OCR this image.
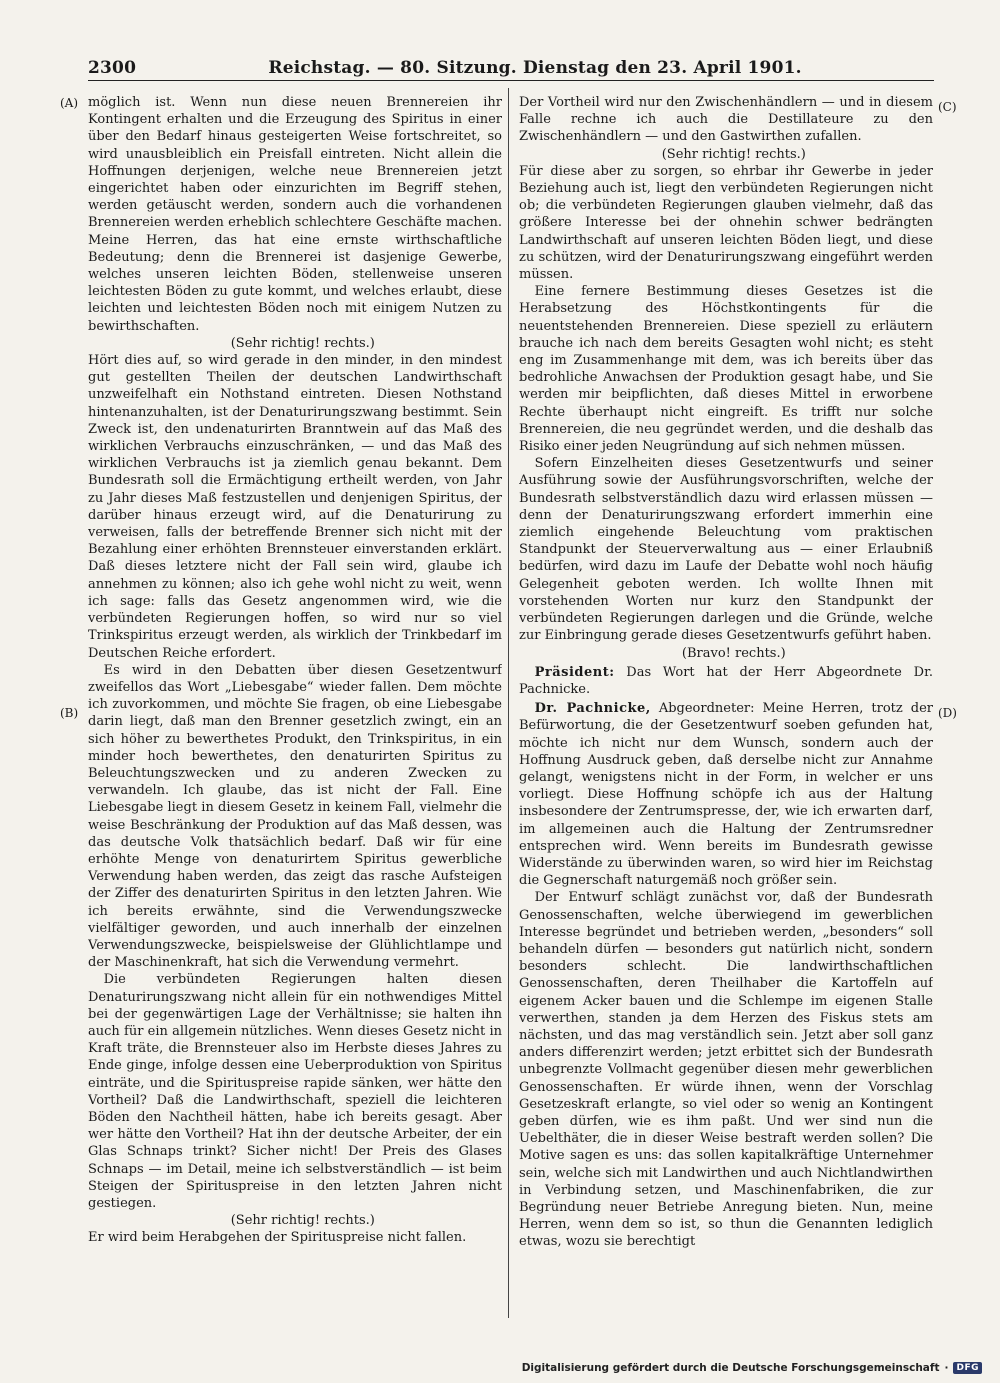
2300	Reichstag. — 80. Sitzung. Dienstag den 23. April 1901.
(A)
(B)
(C)
(D)

möglich ist. Wenn nun diese neuen Brennereien ihr Kontingent erhalten und die Erzeugung des Spiritus in einer über den Bedarf hinaus gesteigerten Weise fortschreitet, so wird unausbleiblich ein Preisfall eintreten. Nicht allein die Hoffnungen derjenigen, welche neue Brennereien jetzt eingerichtet haben oder einzurichten im Begriff stehen, werden getäuscht werden, sondern auch die vorhandenen Brennereien werden erheblich schlechtere Geschäfte machen. Meine Herren, das hat eine ernste wirthschaftliche Bedeutung; denn die Brennerei ist dasjenige Gewerbe, welches unseren leichten Böden, stellenweise unseren leichtesten Böden zu gute kommt, und welches erlaubt, diese leichten und leichtesten Böden noch mit einigem Nutzen zu bewirthschaften.

(Sehr richtig! rechts.)

Hört dies auf, so wird gerade in den minder, in den mindest gut gestellten Theilen der deutschen Landwirthschaft unzweifelhaft ein Nothstand eintreten. Diesen Nothstand hintenanzuhalten, ist der Denaturirungszwang bestimmt. Sein Zweck ist, den undenaturirten Branntwein auf das Maß des wirklichen Verbrauchs einzuschränken, — und das Maß des wirklichen Verbrauchs ist ja ziemlich genau bekannt. Dem Bundesrath soll die Ermächtigung ertheilt werden, von Jahr zu Jahr dieses Maß festzustellen und denjenigen Spiritus, der darüber hinaus erzeugt wird, auf die Denaturirung zu verweisen, falls der betreffende Brenner sich nicht mit der Bezahlung einer erhöhten Brennsteuer einverstanden erklärt. Daß dieses letztere nicht der Fall sein wird, glaube ich annehmen zu können; also ich gehe wohl nicht zu weit, wenn ich sage: falls das Gesetz angenommen wird, wie die verbündeten Regierungen hoffen, so wird nur so viel Trinkspiritus erzeugt werden, als wirklich der Trinkbedarf im Deutschen Reiche erfordert.

Es wird in den Debatten über diesen Gesetzentwurf zweifellos das Wort „Liebesgabe“ wieder fallen. Dem möchte ich zuvorkommen, und möchte Sie fragen, ob eine Liebesgabe darin liegt, daß man den Brenner gesetzlich zwingt, ein an sich höher zu bewerthetes Produkt, den Trinkspiritus, in ein minder hoch bewerthetes, den denaturirten Spiritus zu Beleuchtungszwecken und zu anderen Zwecken zu verwandeln. Ich glaube, das ist nicht der Fall. Eine Liebesgabe liegt in diesem Gesetz in keinem Fall, vielmehr die weise Beschränkung der Produktion auf das Maß dessen, was das deutsche Volk thatsächlich bedarf. Daß wir für eine erhöhte Menge von denaturirtem Spiritus gewerbliche Verwendung haben werden, das zeigt das rasche Aufsteigen der Ziffer des denaturirten Spiritus in den letzten Jahren. Wie ich bereits erwähnte, sind die Verwendungszwecke vielfältiger geworden, und auch innerhalb der einzelnen Verwendungszwecke, beispielsweise der Glühlichtlampe und der Maschinenkraft, hat sich die Verwendung vermehrt.

Die verbündeten Regierungen halten diesen Denaturirungszwang nicht allein für ein nothwendiges Mittel bei der gegenwärtigen Lage der Verhältnisse; sie halten ihn auch für ein allgemein nützliches. Wenn dieses Gesetz nicht in Kraft träte, die Brennsteuer also im Herbste dieses Jahres zu Ende ginge, infolge dessen eine Ueberproduktion von Spiritus einträte, und die Spirituspreise rapide sänken, wer hätte den Vortheil? Daß die Landwirthschaft, speziell die leichteren Böden den Nachtheil hätten, habe ich bereits gesagt. Aber wer hätte den Vortheil? Hat ihn der deutsche Arbeiter, der ein Glas Schnaps trinkt? Sicher nicht! Der Preis des Glases Schnaps — im Detail, meine ich selbstverständlich — ist beim Steigen der Spirituspreise in den letzten Jahren nicht gestiegen.

(Sehr richtig! rechts.)

Er wird beim Herabgehen der Spirituspreise nicht fallen.

Der Vortheil wird nur den Zwischenhändlern — und in diesem Falle rechne ich auch die Destillateure zu den Zwischenhändlern — und den Gastwirthen zufallen.

(Sehr richtig! rechts.)

Für diese aber zu sorgen, so ehrbar ihr Gewerbe in jeder Beziehung auch ist, liegt den verbündeten Regierungen nicht ob; die verbündeten Regierungen glauben vielmehr, daß das größere Interesse bei der ohnehin schwer bedrängten Landwirthschaft auf unseren leichten Böden liegt, und diese zu schützen, wird der Denaturirungszwang eingeführt werden müssen.

Eine fernere Bestimmung dieses Gesetzes ist die Herabsetzung des Höchstkontingents für die neuentstehenden Brennereien. Diese speziell zu erläutern brauche ich nach dem bereits Gesagten wohl nicht; es steht eng im Zusammenhange mit dem, was ich bereits über das bedrohliche Anwachsen der Produktion gesagt habe, und Sie werden mir beipflichten, daß dieses Mittel in erworbene Rechte überhaupt nicht eingreift. Es trifft nur solche Brennereien, die neu gegründet werden, und die deshalb das Risiko einer jeden Neugründung auf sich nehmen müssen.

Sofern Einzelheiten dieses Gesetzentwurfs und seiner Ausführung sowie der Ausführungsvorschriften, welche der Bundesrath selbstverständlich dazu wird erlassen müssen — denn der Denaturirungszwang erfordert immerhin eine ziemlich eingehende Beleuchtung vom praktischen Standpunkt der Steuerverwaltung aus — einer Erlaubniß bedürfen, wird dazu im Laufe der Debatte wohl noch häufig Gelegenheit geboten werden. Ich wollte Ihnen mit vorstehenden Worten nur kurz den Standpunkt der verbündeten Regierungen darlegen und die Gründe, welche zur Einbringung gerade dieses Gesetzentwurfs geführt haben.

(Bravo! rechts.)

Präsident: Das Wort hat der Herr Abgeordnete Dr. Pachnicke.

Dr. Pachnicke, Abgeordneter: Meine Herren, trotz der Befürwortung, die der Gesetzentwurf soeben gefunden hat, möchte ich nicht nur dem Wunsch, sondern auch der Hoffnung Ausdruck geben, daß derselbe nicht zur Annahme gelangt, wenigstens nicht in der Form, in welcher er uns vorliegt. Diese Hoffnung schöpfe ich aus der Haltung insbesondere der Zentrumspresse, der, wie ich erwarten darf, im allgemeinen auch die Haltung der Zentrumsredner entsprechen wird. Wenn bereits im Bundesrath gewisse Widerstände zu überwinden waren, so wird hier im Reichstag die Gegnerschaft naturgemäß noch größer sein.

Der Entwurf schlägt zunächst vor, daß der Bundesrath Genossenschaften, welche überwiegend im gewerblichen Interesse begründet und betrieben werden, „besonders“ soll behandeln dürfen — besonders gut natürlich nicht, sondern besonders schlecht. Die landwirthschaftlichen Genossenschaften, deren Theilhaber die Kartoffeln auf eigenem Acker bauen und die Schlempe im eigenen Stalle verwerthen, standen ja dem Herzen des Fiskus stets am nächsten, und das mag verständlich sein. Jetzt aber soll ganz anders differenzirt werden; jetzt erbittet sich der Bundesrath unbegrenzte Vollmacht gegenüber diesen mehr gewerblichen Genossenschaften. Er würde ihnen, wenn der Vorschlag Gesetzeskraft erlangte, so viel oder so wenig an Kontingent geben dürfen, wie es ihm paßt. Und wer sind nun die Uebelthäter, die in dieser Weise bestraft werden sollen? Die Motive sagen es uns: das sollen kapitalkräftige Unternehmer sein, welche sich mit Landwirthen und auch Nichtlandwirthen in Verbindung setzen, und Maschinenfabriken, die zur Begründung neuer Betriebe Anregung bieten. Nun, meine Herren, wenn dem so ist, so thun die Genannten lediglich etwas, wozu sie berechtigt

Digitalisierung gefördert durch die Deutsche Forschungsgemeinschaft · DFG
